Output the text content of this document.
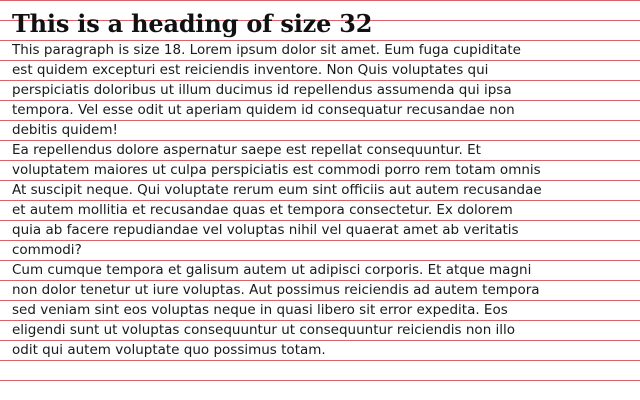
This is a heading of size 32

This paragraph is size 18. Lorem ipsum dolor sit amet. Eum fuga cupiditate est quidem excepturi est reiciendis inventore. Non Quis voluptates qui perspiciatis doloribus ut illum ducimus id repellendus assumenda qui ipsa tempora. Vel esse odit ut aperiam quidem id consequatur recusandae non debitis quidem!

Ea repellendus dolore aspernatur saepe est repellat consequuntur. Et voluptatem maiores ut culpa perspiciatis est commodi porro rem totam omnis At suscipit neque. Qui voluptate rerum eum sint officiis aut autem recusandae et autem mollitia et recusandae quas et tempora consectetur. Ex dolorem quia ab facere repudiandae vel voluptas nihil vel quaerat amet ab veritatis commodi?

Cum cumque tempora et galisum autem ut adipisci corporis. Et atque magni non dolor tenetur ut iure voluptas. Aut possimus reiciendis ad autem tempora sed veniam sint eos voluptas neque in quasi libero sit error expedita. Eos eligendi sunt ut voluptas consequuntur ut consequuntur reiciendis non illo odit qui autem voluptate quo possimus totam.
